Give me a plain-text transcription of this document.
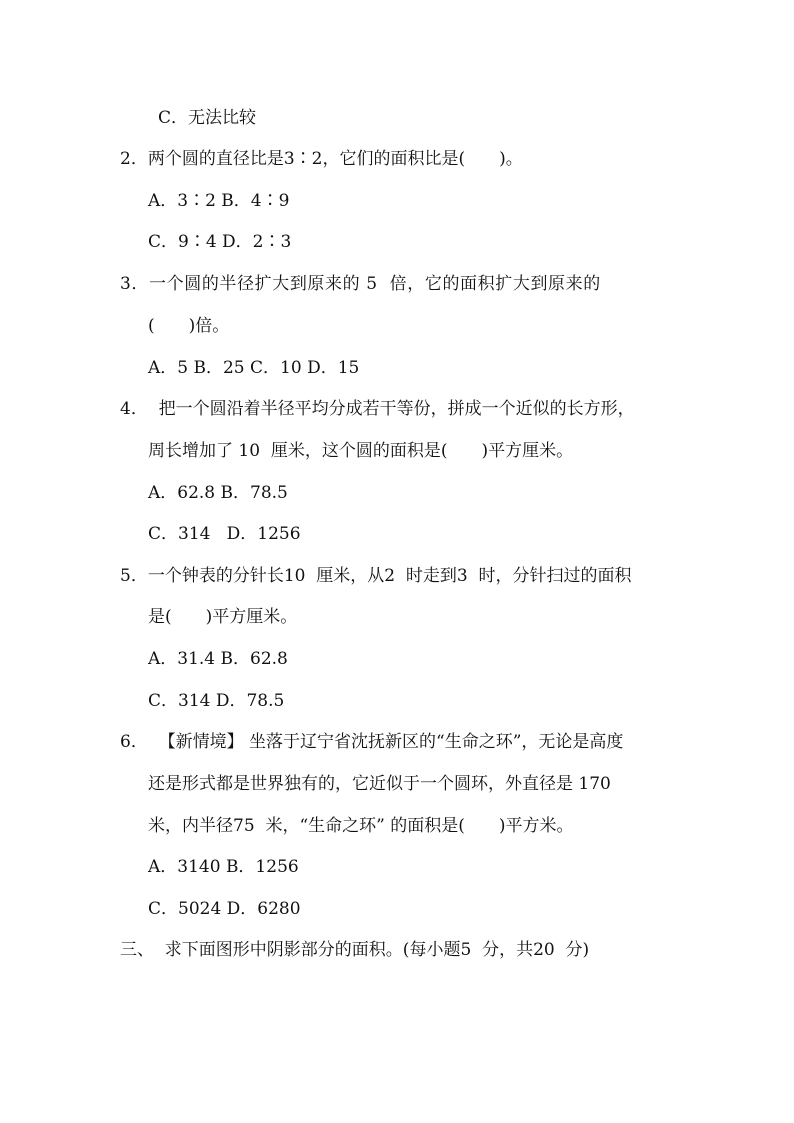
C．无法比较
2．两个圆的直径比是3∶2，它们的面积比是(　　)。
A．3∶2 B．4∶9
C．9∶4 D．2∶3
3．一个圆的半径扩大到原来的 5  倍，它的面积扩大到原来的
(　　)倍。
A．5 B．25 C．10 D．15
4．  把一个圆沿着半径平均分成若干等份，拼成一个近似的长方形，
周长增加了 10  厘米，这个圆的面积是(　　)平方厘米。
A．62.8 B．78.5
C．314   D．1256
5．一个钟表的分针长10  厘米，从2  时走到3  时，分针扫过的面积
是(　　)平方厘米。
A．31.4 B．62.8
C．314 D．78.5
6．  【新情境】 坐落于辽宁省沈抚新区的“生命之环”，无论是高度
还是形式都是世界独有的，它近似于一个圆环，外直径是 170
米，内半径75  米，“生命之环” 的面积是(　　)平方米。
A．3140 B．1256
C．5024 D．6280
三、  求下面图形中阴影部分的面积。(每小题5  分，共20  分)
